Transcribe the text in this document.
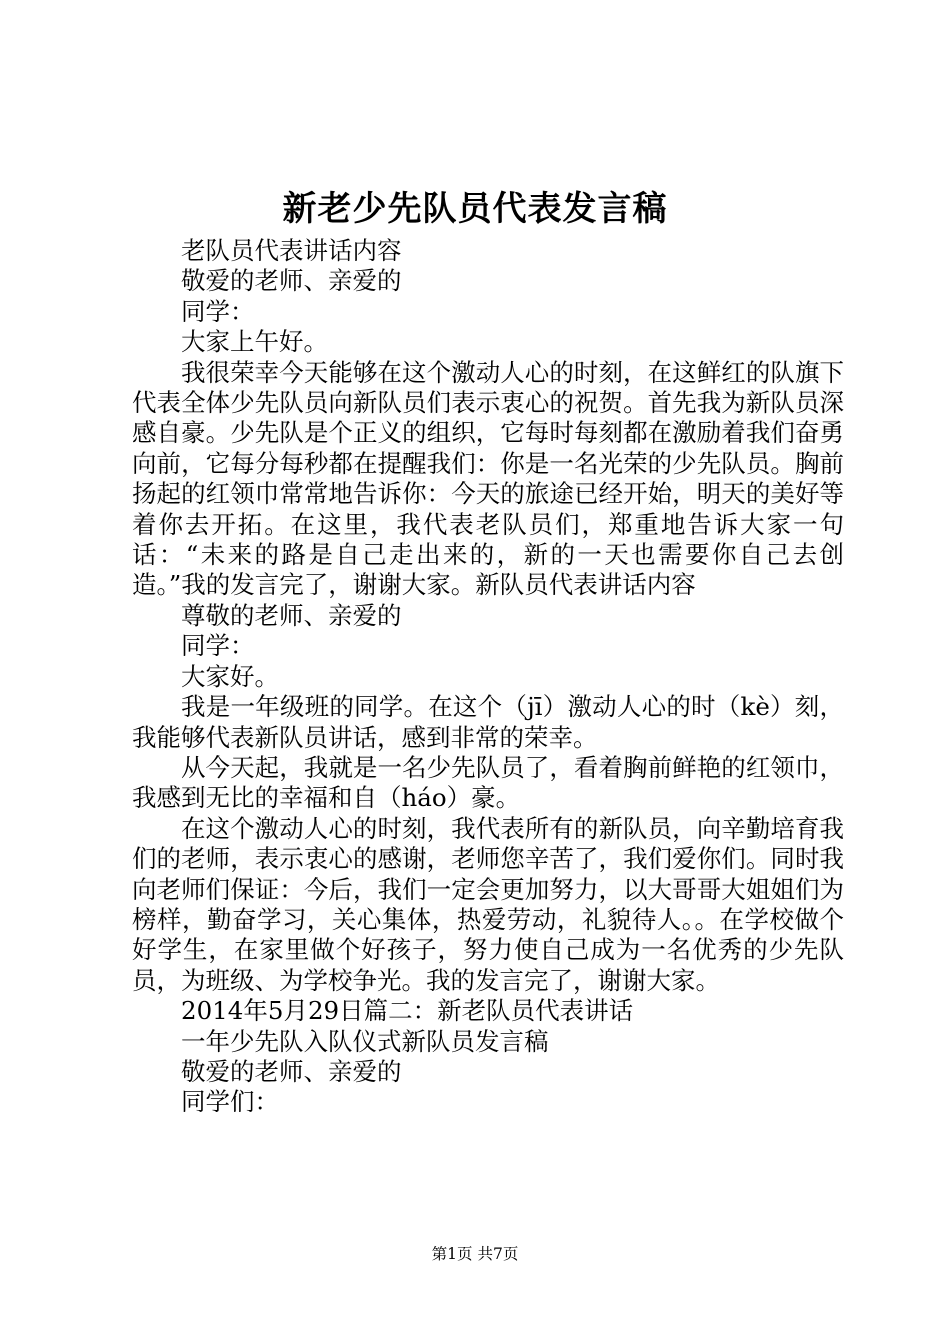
新老少先队员代表发言稿

老队员代表讲话内容

敬爱的老师、亲爱的

同学：

大家上午好。

我很荣幸今天能够在这个激动人心的时刻，在这鲜红的队旗下代表全体少先队员向新队员们表示衷心的祝贺。首先我为新队员深感自豪。少先队是个正义的组织，它每时每刻都在激励着我们奋勇向前，它每分每秒都在提醒我们：你是一名光荣的少先队员。胸前扬起的红领巾常常地告诉你：今天的旅途已经开始，明天的美好等着你去开拓。在这里，我代表老队员们，郑重地告诉大家一句话：“未来的路是自己走出来的，新的一天也需要你自己去创造。”我的发言完了，谢谢大家。新队员代表讲话内容

尊敬的老师、亲爱的

同学：

大家好。

我是一年级班的同学。在这个（jī）激动人心的时（kè）刻，我能够代表新队员讲话，感到非常的荣幸。

从今天起，我就是一名少先队员了，看着胸前鲜艳的红领巾，我感到无比的幸福和自（háo）豪。

在这个激动人心的时刻，我代表所有的新队员，向辛勤培育我们的老师，表示衷心的感谢，老师您辛苦了，我们爱你们。同时我向老师们保证：今后，我们一定会更加努力，以大哥哥大姐姐们为榜样，勤奋学习，关心集体，热爱劳动，礼貌待人。。在学校做个好学生，在家里做个好孩子，努力使自己成为一名优秀的少先队员，为班级、为学校争光。我的发言完了，谢谢大家。

2014年5月29日篇二：新老队员代表讲话

一年少先队入队仪式新队员发言稿

敬爱的老师、亲爱的

同学们：

第1页 共7页
